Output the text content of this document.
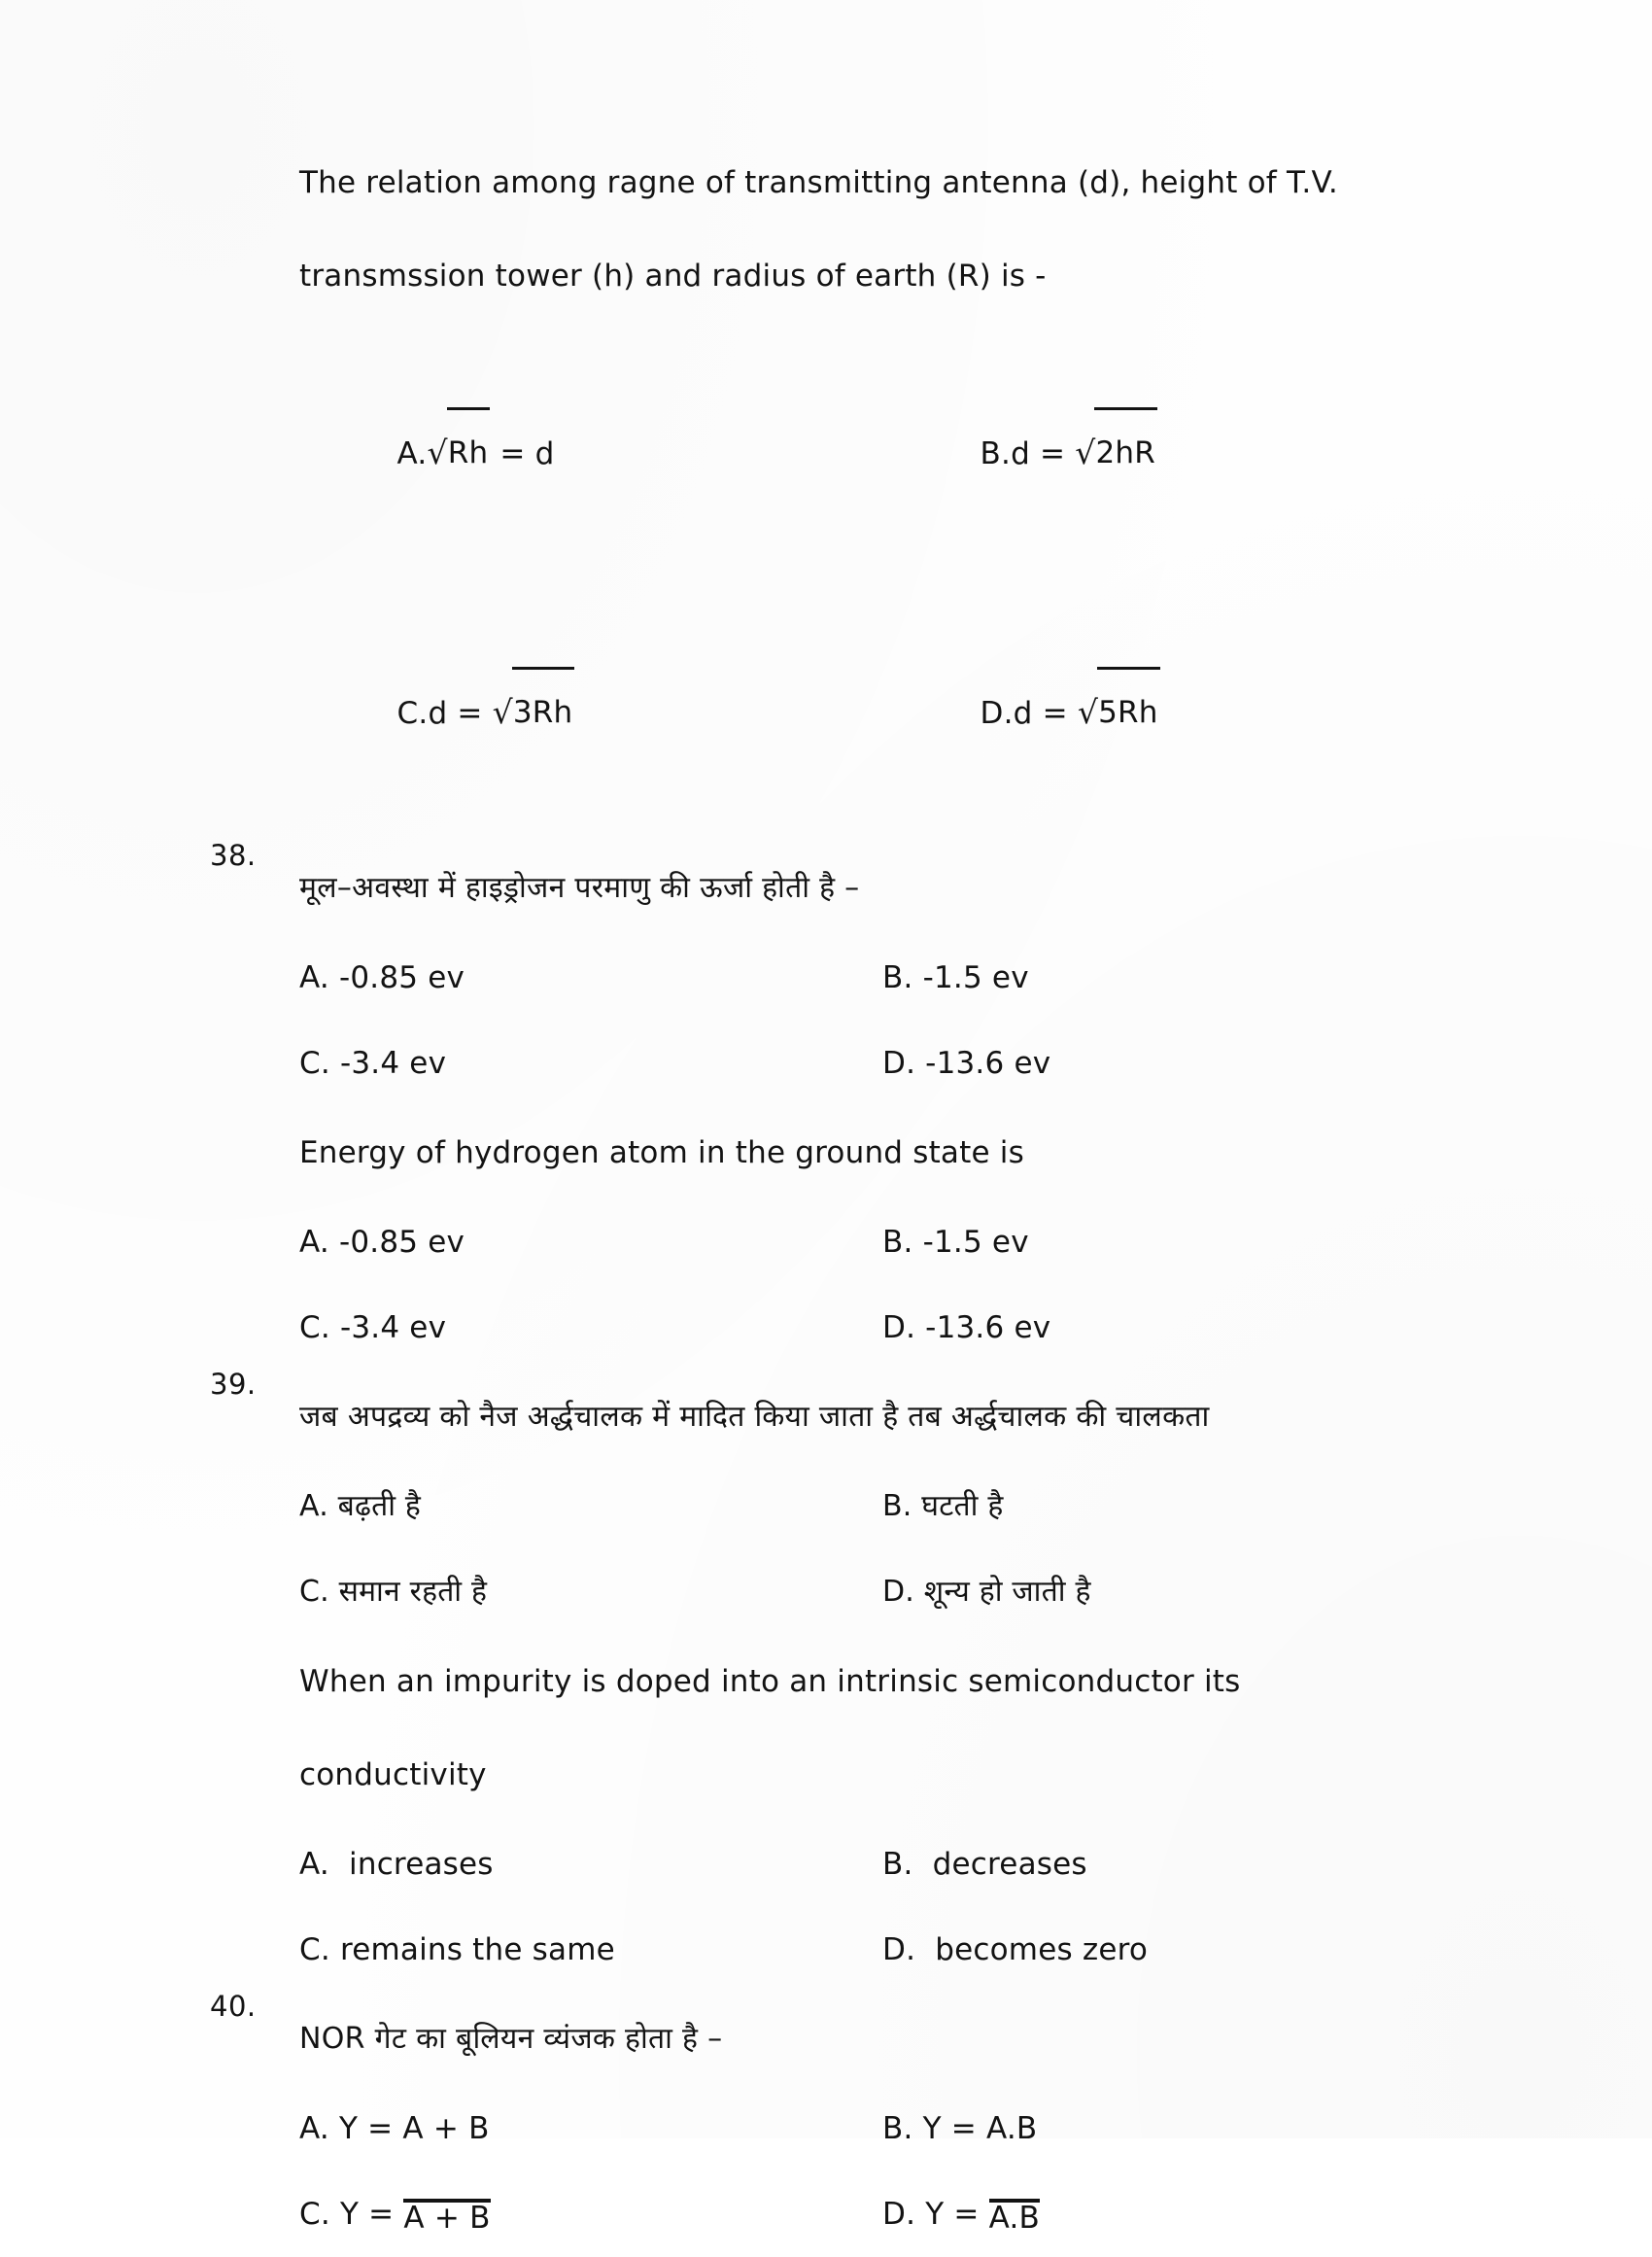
The relation among ragne of transmitting antenna (d), height of T.V.
transmssion tower (h) and radius of earth (R) is -

A.√Rh = d
	B.d = √2hR

C.d = √3Rh
	D.d = √5Rh

38.
मूल–अवस्था में हाइड्रोजन परमाणु की ऊर्जा होती है –
A. -0.85 ev	B. -1.5 ev
C. -3.4 ev	D. -13.6 ev
Energy of hydrogen atom in the ground state is
A. -0.85 ev	B. -1.5 ev
C. -3.4 ev	D. -13.6 ev
39.
जब अपद्रव्य को नैज अर्द्धचालक में मादित किया जाता है तब अर्द्धचालक की चालकता
A. बढ़ती है	B. घटती है
C. समान रहती है	D. शून्य हो जाती है
When an impurity is doped into an intrinsic semiconductor its
conductivity
A.  increases	B.  decreases
C. remains the same	D.  becomes zero
40.
NOR गेट का बूलियन व्यंजक होता है –
A. Y = A + B	B. Y = A.B
C. Y = A + B	D. Y = A.B
